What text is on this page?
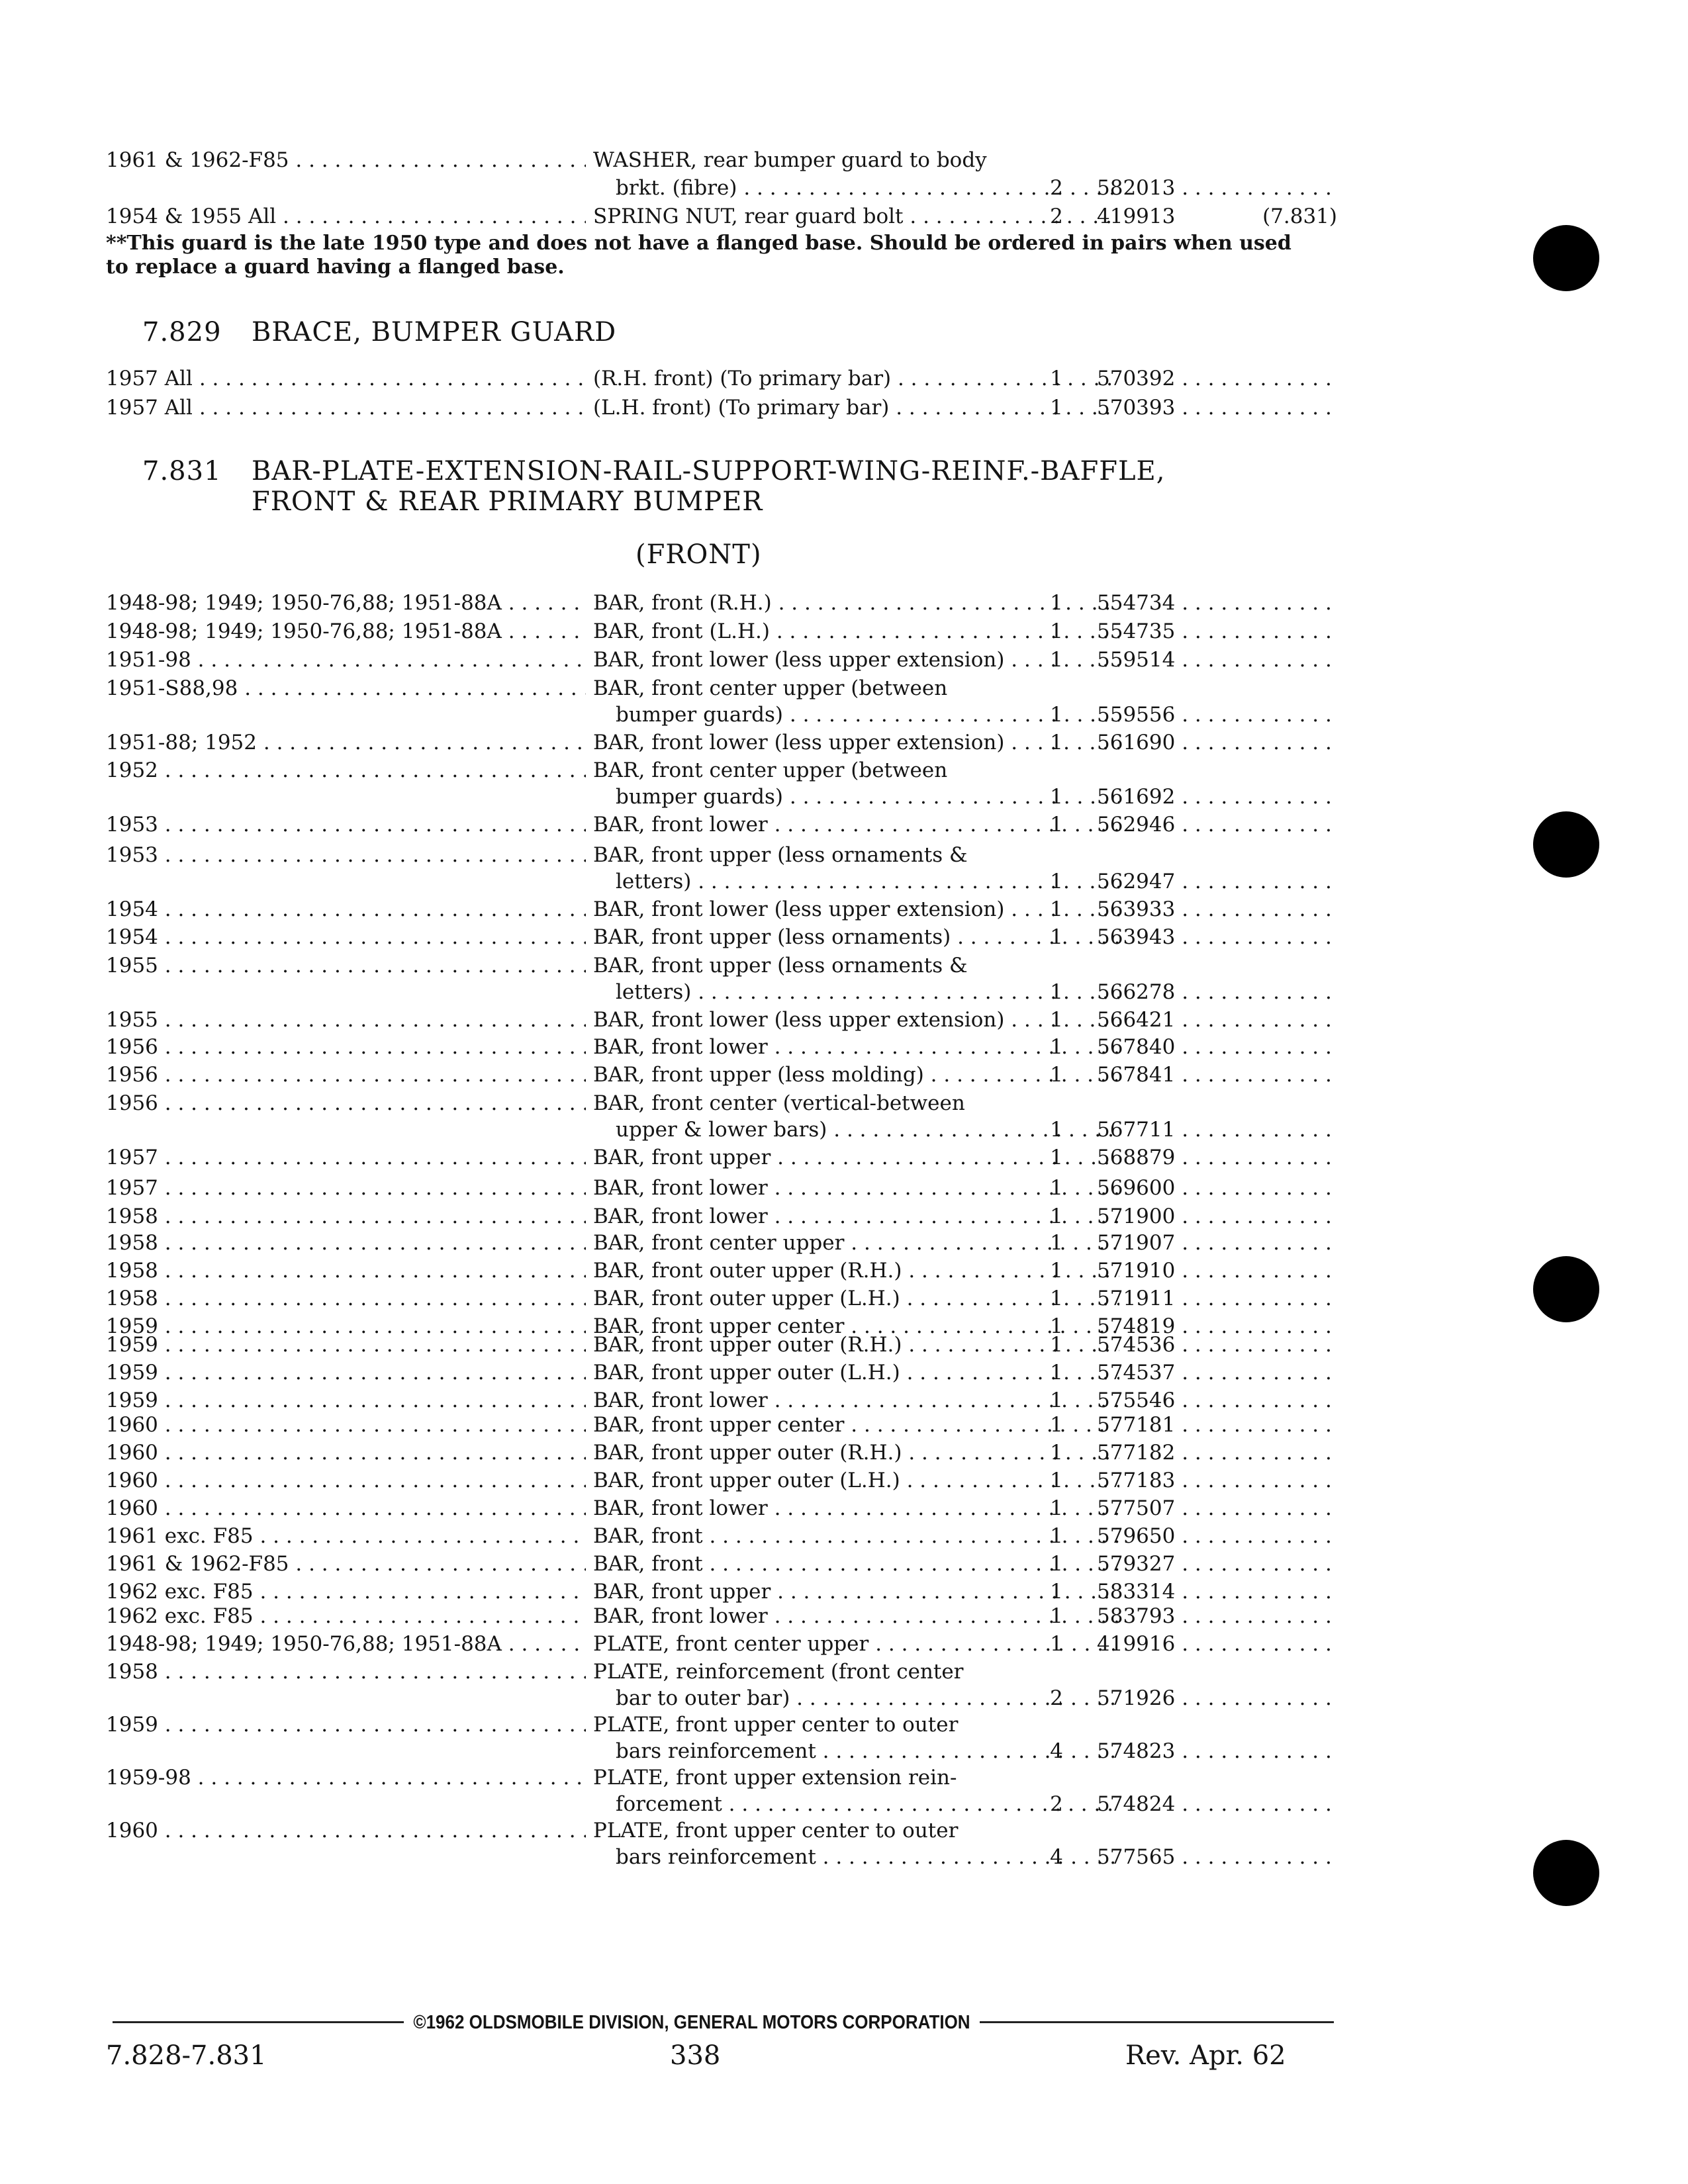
1961 & 1962-F85 . . .	WASHER, rear bumper guard to body
brkt. (fibre) . . .	2	582013 . . .
1954 & 1955 All . . .	SPRING NUT, rear guard bolt . . .	2	419913	(7.831)
**This guard is the late 1950 type and does not have a flanged base. Should be ordered in pairs when used
to replace a guard having a flanged base.
7.829	BRACE, BUMPER GUARD
1957 All . . .	(R.H. front) (To primary bar) . . .	1	570392 . . .
1957 All . . .	(L.H. front) (To primary bar) . . .	1	570393 . . .
7.831	BAR-PLATE-EXTENSION-RAIL-SUPPORT-WING-REINF.-BAFFLE,
FRONT & REAR PRIMARY BUMPER
(FRONT)
1948-98; 1949; 1950-76,88; 1951-88A . . .	BAR, front (R.H.) . . .	1	554734 . . .
1948-98; 1949; 1950-76,88; 1951-88A . . .	BAR, front (L.H.) . . .	1	554735 . . .
1951-98 . . .	BAR, front lower (less upper extension) . . .	1	559514 . . .
1951-S88,98 . . .	BAR, front center upper (between
bumper guards) . . .	1	559556 . . .
1951-88; 1952 . . .	BAR, front lower (less upper extension) . . .	1	561690 . . .
1952 . . .	BAR, front center upper (between
bumper guards) . . .	1	561692 . . .
1953 . . .	BAR, front lower . . .	1	562946 . . .
1953 . . .	BAR, front upper (less ornaments &
letters) . . .	1	562947 . . .
1954 . . .	BAR, front lower (less upper extension) . . .	1	563933 . . .
1954 . . .	BAR, front upper (less ornaments) . . .	1	563943 . . .
1955 . . .	BAR, front upper (less ornaments &
letters) . . .	1	566278 . . .
1955 . . .	BAR, front lower (less upper extension) . . .	1	566421 . . .
1956 . . .	BAR, front lower . . .	1	567840 . . .
1956 . . .	BAR, front upper (less molding) . . .	1	567841 . . .
1956 . . .	BAR, front center (vertical-between
upper & lower bars) . . .	1	567711 . . .
1957 . . .	BAR, front upper . . .	1	568879 . . .
1957 . . .	BAR, front lower . . .	1	569600 . . .
1958 . . .	BAR, front lower . . .	1	571900 . . .
1958 . . .	BAR, front center upper . . .	1	571907 . . .
1958 . . .	BAR, front outer upper (R.H.) . . .	1	571910 . . .
1958 . . .	BAR, front outer upper (L.H.) . . .	1	571911 . . .
1959 . . .	BAR, front upper center . . .	1	574819 . . .
1959 . . .	BAR, front upper outer (R.H.) . . .	1	574536 . . .
1959 . . .	BAR, front upper outer (L.H.) . . .	1	574537 . . .
1959 . . .	BAR, front lower . . .	1	575546 . . .
1960 . . .	BAR, front upper center . . .	1	577181 . . .
1960 . . .	BAR, front upper outer (R.H.) . . .	1	577182 . . .
1960 . . .	BAR, front upper outer (L.H.) . . .	1	577183 . . .
1960 . . .	BAR, front lower . . .	1	577507 . . .
1961 exc. F85 . . .	BAR, front . . .	1	579650 . . .
1961 & 1962-F85 . . .	BAR, front . . .	1	579327 . . .
1962 exc. F85 . . .	BAR, front upper . . .	1	583314 . . .
1962 exc. F85 . . .	BAR, front lower . . .	1	583793 . . .
1948-98; 1949; 1950-76,88; 1951-88A . . .	PLATE, front center upper . . .	1	419916 . . .
1958 . . .	PLATE, reinforcement (front center
bar to outer bar) . . .	2	571926 . . .
1959 . . .	PLATE, front upper center to outer
bars reinforcement . . .	4	574823 . . .
1959-98 . . .	PLATE, front upper extension rein-
forcement . . .	2	574824 . . .
1960 . . .	PLATE, front upper center to outer
bars reinforcement . . .	4	577565 . . .
©1962 OLDSMOBILE DIVISION, GENERAL MOTORS CORPORATION
7.828-7.831	338	Rev. Apr. 62
